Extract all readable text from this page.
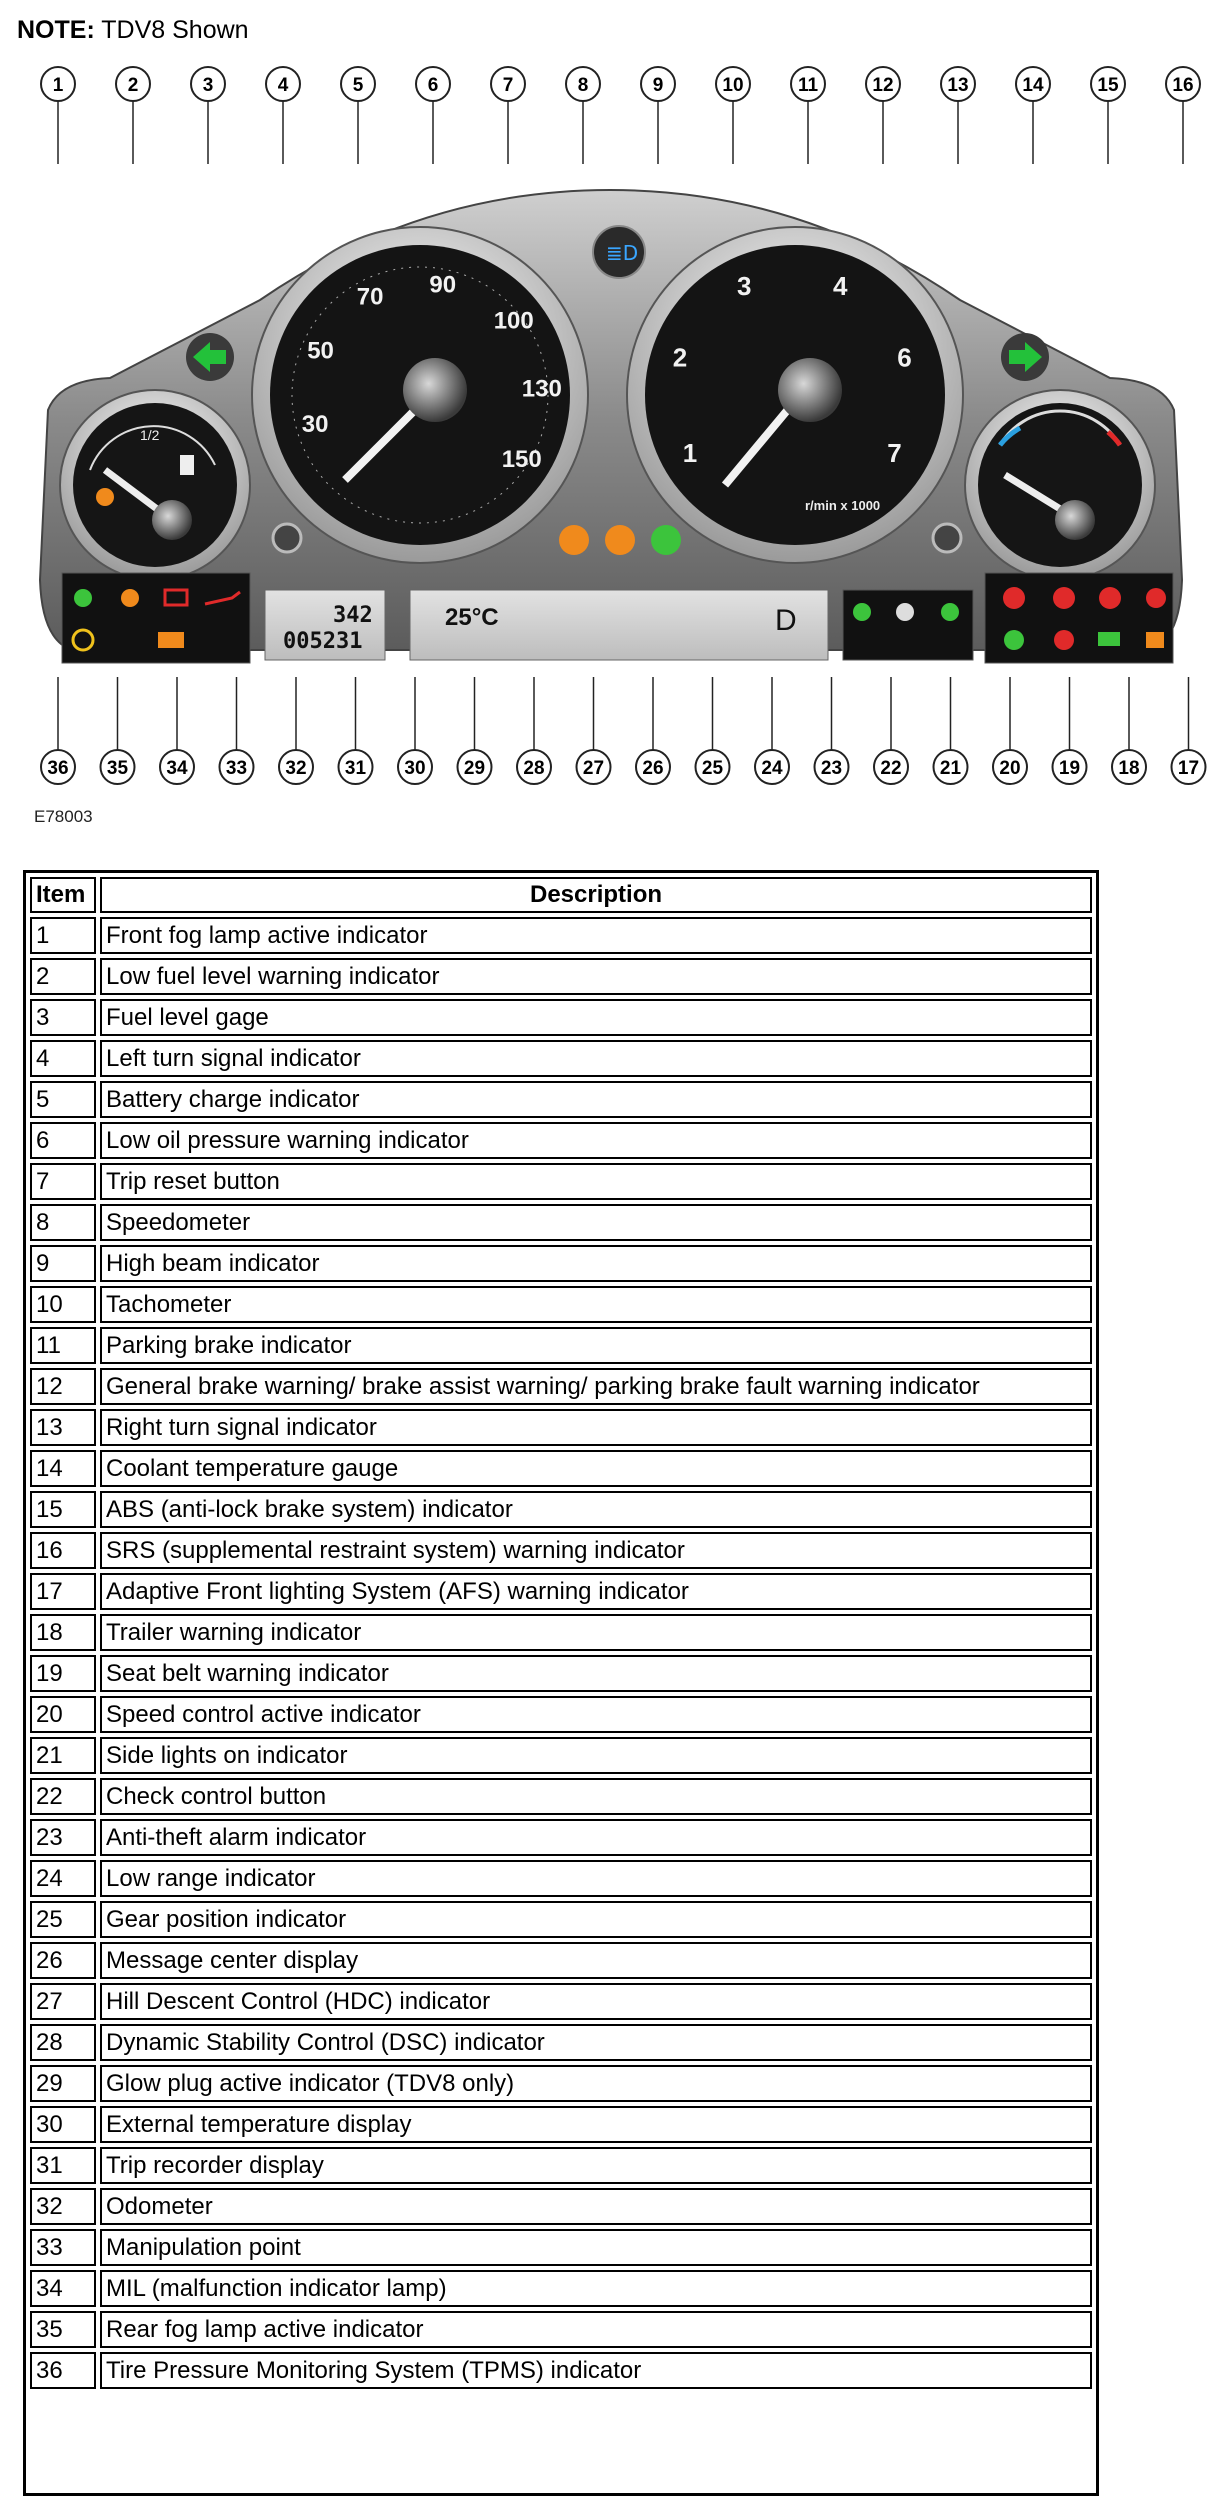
NOTE: TDV8 Shown
1/2	30
50
70 90
100
130
150	1
2
3	4
6
7
r/min x 1000
≣D
342
005231
25°C	D
1	2	3	4	5	6	7	8	9	10	11	12	13	14	15	16
36 35 34 33 32 31 30 29 28 27 26 25 24 23 22 21 20 19 18 17
E78003
Item	Description
1	Front fog lamp active indicator
2	Low fuel level warning indicator
3	Fuel level gage
4	Left turn signal indicator
5	Battery charge indicator
6	Low oil pressure warning indicator
7	Trip reset button
8	Speedometer
9	High beam indicator
10	Tachometer
11	Parking brake indicator
12	General brake warning/ brake assist warning/ parking brake fault warning indicator
13	Right turn signal indicator
14	Coolant temperature gauge
15	ABS (anti-lock brake system) indicator
16	SRS (supplemental restraint system) warning indicator
17	Adaptive Front lighting System (AFS) warning indicator
18	Trailer warning indicator
19	Seat belt warning indicator
20	Speed control active indicator
21	Side lights on indicator
22	Check control button
23	Anti-theft alarm indicator
24	Low range indicator
25	Gear position indicator
26	Message center display
27	Hill Descent Control (HDC) indicator
28	Dynamic Stability Control (DSC) indicator
29	Glow plug active indicator (TDV8 only)
30	External temperature display
31	Trip recorder display
32	Odometer
33	Manipulation point
34	MIL (malfunction indicator lamp)
35	Rear fog lamp active indicator
36	Tire Pressure Monitoring System (TPMS) indicator
